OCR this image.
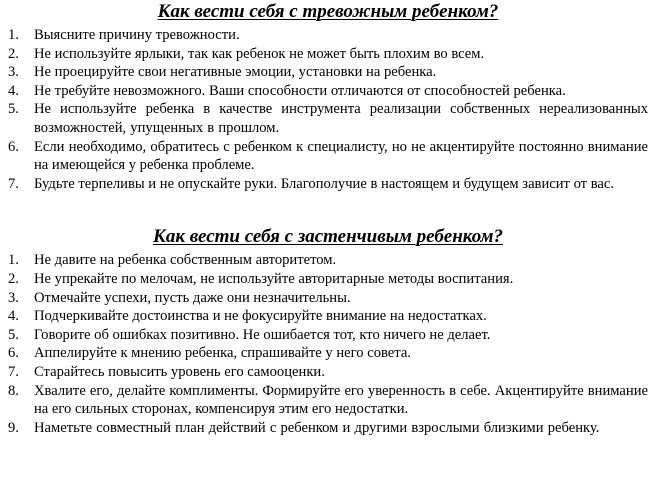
Как вести себя с тревожным ребенком?
1.	Выясните причину тревожности.
2.	Не используйте ярлыки, так как ребенок не может быть плохим во всем.
3.	Не проецируйте свои негативные эмоции, установки на ребенка.
4.	Не требуйте невозможного. Ваши способности отличаются от способностей ребенка.
5.	Не используйте ребенка в качестве инструмента реализации собственных нереализованных возможностей, упущенных в прошлом.
6.	Если необходимо, обратитесь с ребенком к специалисту, но не акцентируйте постоянно внимание на имеющейся у ребенка проблеме.
7.	Будьте терпеливы и не опускайте руки. Благополучие в настоящем и будущем зависит от вас.
Как вести себя с застенчивым ребенком?
1.	Не давите на ребенка собственным авторитетом.
2.	Не упрекайте по мелочам, не используйте авторитарные методы воспитания.
3.	Отмечайте успехи, пусть даже они незначительны.
4.	Подчеркивайте достоинства и не фокусируйте внимание на недостатках.
5.	Говорите об ошибках позитивно. Не ошибается тот, кто ничего не делает.
6.	Аппелируйте к мнению ребенка, спрашивайте у него совета.
7.	Старайтесь повысить уровень его самооценки.
8.	Хвалите его, делайте комплименты. Формируйте его уверенность в себе. Акцентируйте внимание на его сильных сторонах, компенсируя этим его недостатки.
9.	Наметьте совместный план действий с ребенком и другими взрослыми близкими ребенку.
